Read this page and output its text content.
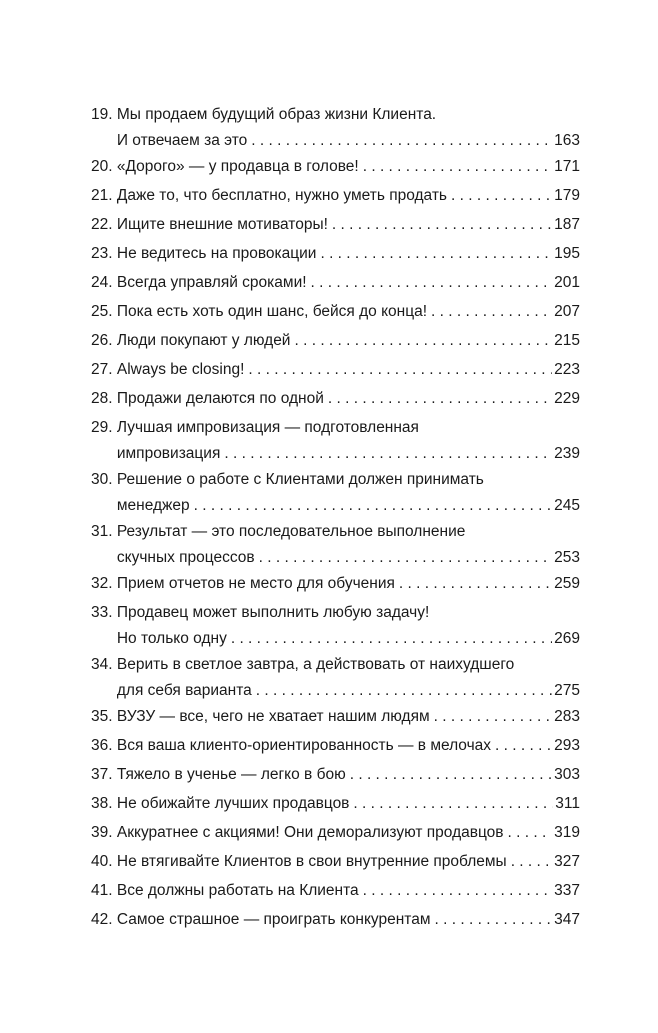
19. Мы продаем будущий образ жизни Клиента.
И отвечаем за это . . .	163
20.
«Дорого» — у продавца в голове! . . .	171
21.
Даже то, что бесплатно, нужно уметь продать . . .	179
22.
Ищите внешние мотиваторы! . . .	187
23.
Не ведитесь на провокации . . .	195
24.
Всегда управляй сроками! . . .	201
25.
Пока есть хоть один шанс, бейся до конца! . . .	207
26.
Люди покупают у людей . . .	215
27.
Always be closing! . . .	223
28.
Продажи делаются по одной . . .	229
29. Лучшая импровизация — подготовленная
импровизация . . .	239
30. Решение о работе с Клиентами должен принимать
менеджер . . .	245
31. Результат — это последовательное выполнение
скучных процессов . . .	253
32.
Прием отчетов не место для обучения . . .	259
33. Продавец может выполнить любую задачу!
Но только одну . . .	269
34. Верить в светлое завтра, а действовать от наихудшего
для себя варианта . . .	275
35.
ВУЗУ — все, чего не хватает нашим людям . . .	283
36.
Вся ваша клиенто-ориентированность — в мелочах . . .	293
37.
Тяжело в ученье — легко в бою . . .	303
38.
Не обижайте лучших продавцов . . .	311
39.
Аккуратнее с акциями! Они деморализуют продавцов . . .	319
40.
Не втягивайте Клиентов в свои внутренние проблемы . . .	327
41.
Все должны работать на Клиента . . .	337
42.
Самое страшное — проиграть конкурентам . . .	347
